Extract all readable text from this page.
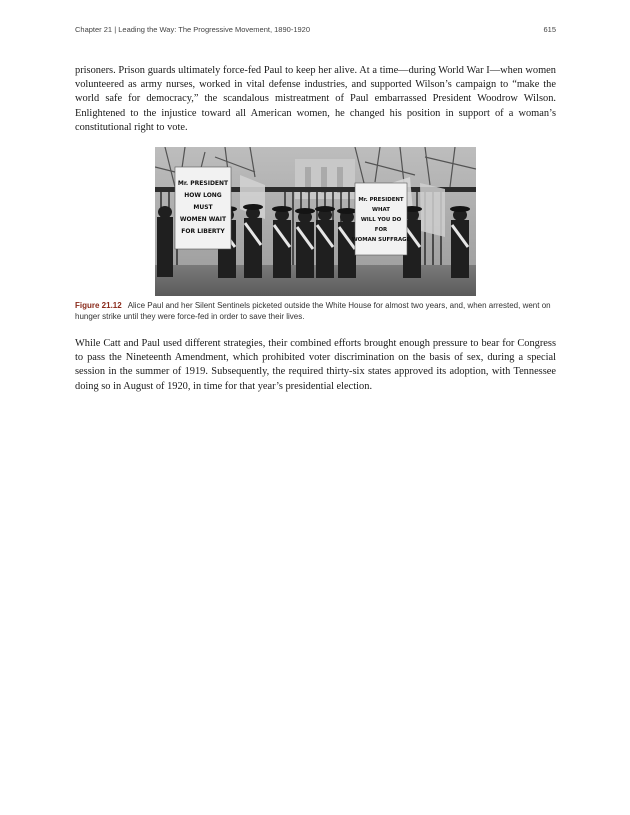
Chapter 21 | Leading the Way: The Progressive Movement, 1890-1920	615

prisoners. Prison guards ultimately force-fed Paul to keep her alive. At a time—during World War I—when women volunteered as army nurses, worked in vital defense industries, and supported Wilson’s campaign to “make the world safe for democracy,” the scandalous mistreatment of Paul embarrassed President Woodrow Wilson. Enlightened to the injustice toward all American women, he changed his position in support of a woman’s constitutional right to vote.

Mr. PRESIDENT
HOW LONG
MUST
WOMEN WAIT
FOR LIBERTY
Mr. PRESIDENT
WHAT
WILL YOU DO
FOR
WOMAN SUFFRAGE

Figure 21.12 Alice Paul and her Silent Sentinels picketed outside the White House for almost two years, and, when arrested, went on hunger strike until they were force-fed in order to save their lives.

While Catt and Paul used different strategies, their combined efforts brought enough pressure to bear for Congress to pass the Nineteenth Amendment, which prohibited voter discrimination on the basis of sex, during a special session in the summer of 1919. Subsequently, the required thirty-six states approved its adoption, with Tennessee doing so in August of 1920, in time for that year’s presidential election.
